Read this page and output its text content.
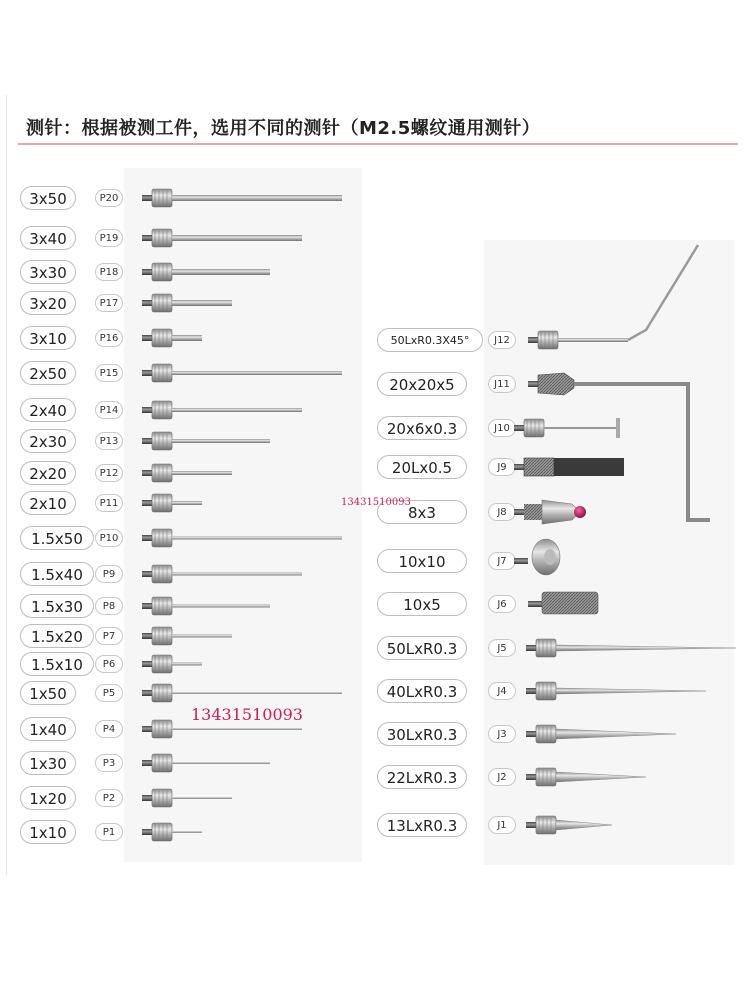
测针：根据被测工件，选用不同的测针（M2.5螺纹通用测针）
3x50	P20
3x40	P19
3x30	P18
3x20	P17
3x10	P16
2x50	P15
2x40	P14
2x30	P13
2x20	P12
2x10	P11
1.5x50	P10
1.5x40	P9
1.5x30	P8
1.5x20	P7
1.5x10	P6
1x50	P5
1x40	P4
1x30	P3
1x20	P2
1x10	P1
50LxR0.3X45°	J12
20x20x5	J11
20x6x0.3	J10
20Lx0.5	J9
8x3	J8
10x10	J7
10x5	J6
50LxR0.3	J5
40LxR0.3	J4
30LxR0.3	J3
22LxR0.3	J2
13LxR0.3	J1
13431510093
13431510093
